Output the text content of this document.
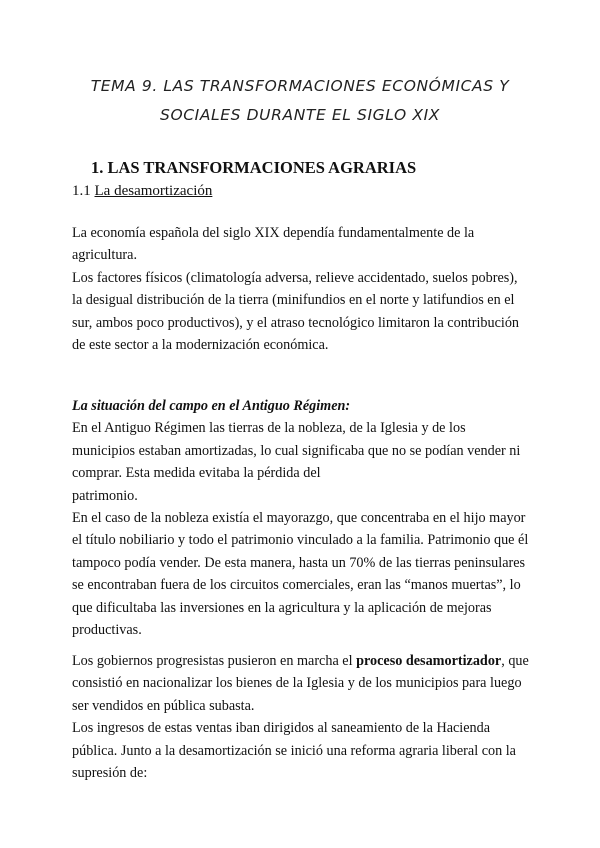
TEMA 9. LAS TRANSFORMACIONES ECONÓMICAS Y
SOCIALES DURANTE EL SIGLO XIX
1. LAS TRANSFORMACIONES AGRARIAS
1.1 La desamortización

La economía española del siglo XIX dependía fundamentalmente de la agricultura.

Los factores físicos (climatología adversa, relieve accidentado, suelos pobres), la desigual distribución de la tierra (minifundios en el norte y latifundios en el sur, ambos poco productivos), y el atraso tecnológico limitaron la contribución de este sector a la modernización económica.

La situación del campo en el Antiguo Régimen:

En el Antiguo Régimen las tierras de la nobleza, de la Iglesia y de los municipios estaban amortizadas, lo cual significaba que no se podían vender ni comprar. Esta medida evitaba la pérdida del

patrimonio.

En el caso de la nobleza existía el mayorazgo, que concentraba en el hijo mayor el título nobiliario y todo el patrimonio vinculado a la familia. Patrimonio que él tampoco podía vender. De esta manera, hasta un 70% de las tierras peninsulares se encontraban fuera de los circuitos comerciales, eran las “manos muertas”, lo que dificultaba las inversiones en la agricultura y la aplicación de mejoras productivas.

Los gobiernos progresistas pusieron en marcha el proceso desamortizador, que consistió en nacionalizar los bienes de la Iglesia y de los municipios para luego ser vendidos en pública subasta.

Los ingresos de estas ventas iban dirigidos al saneamiento de la Hacienda pública. Junto a la desamortización se inició una reforma agraria liberal con la supresión de:
